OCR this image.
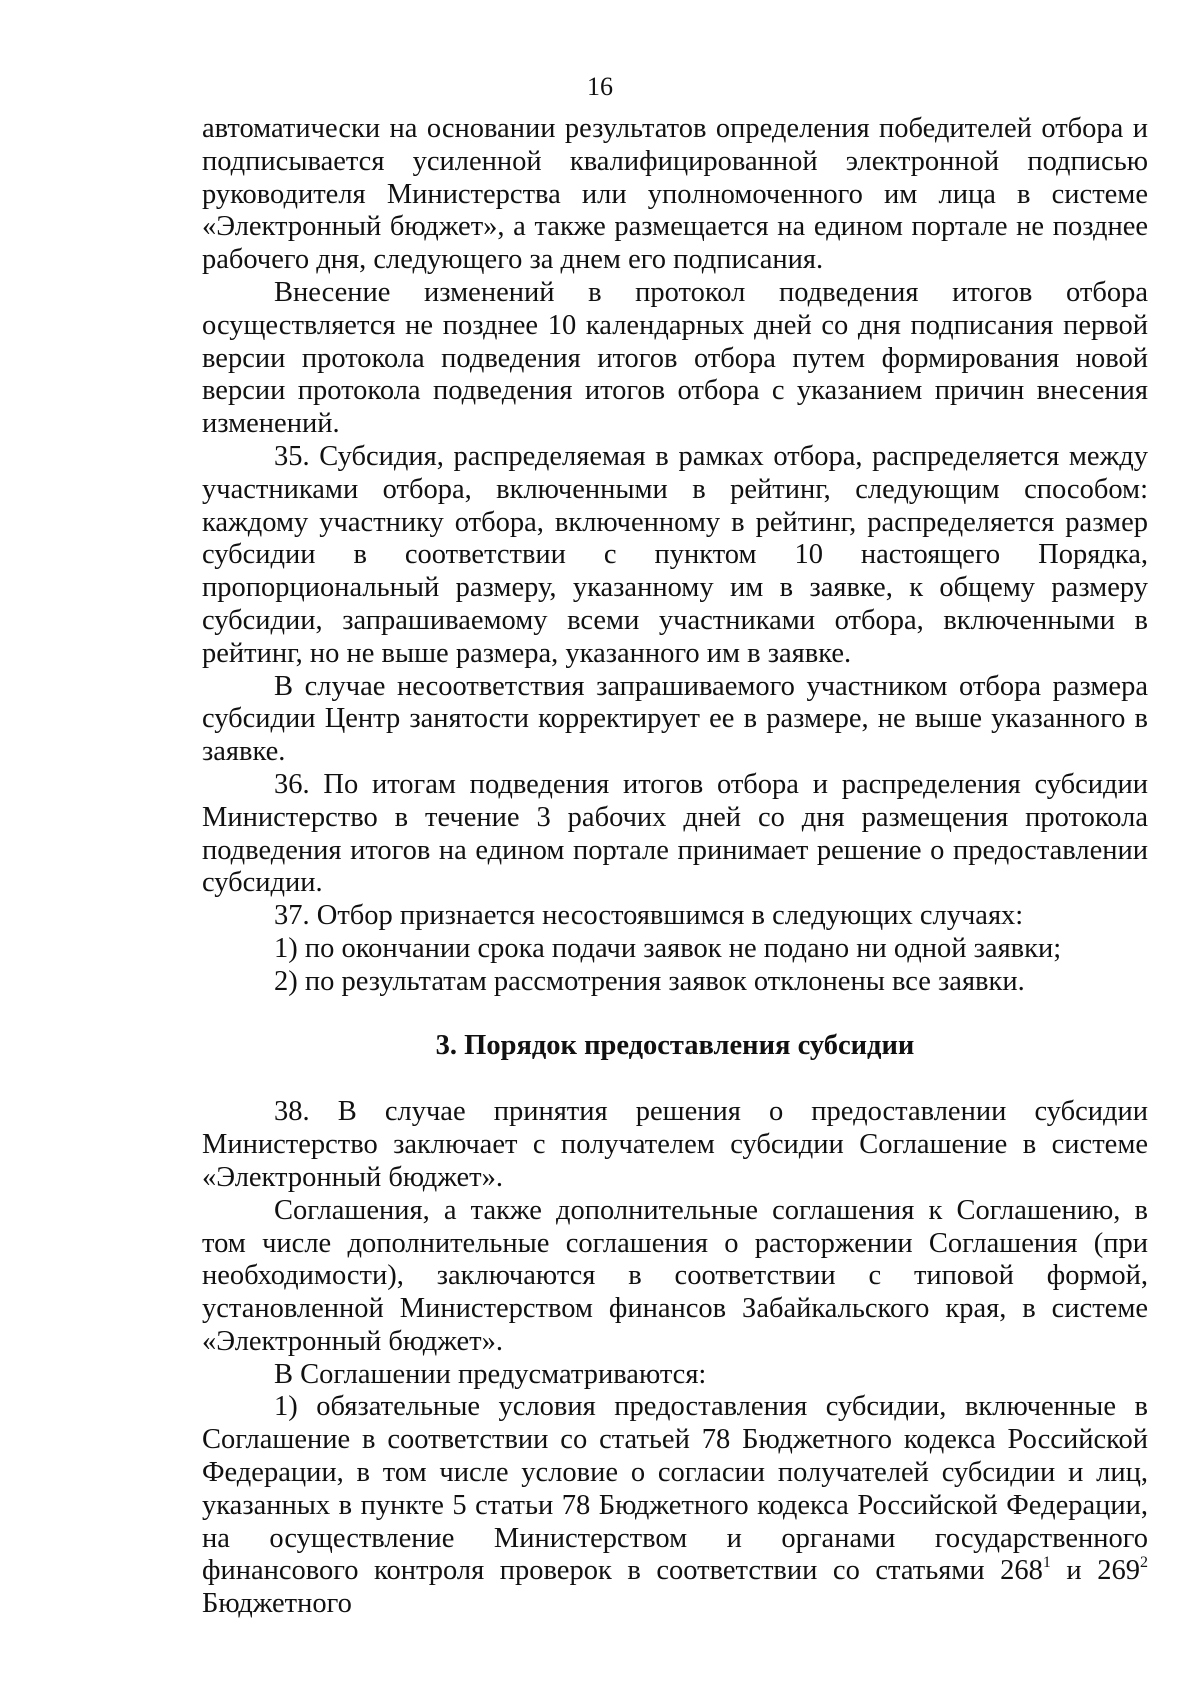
16

автоматически на основании результатов определения победителей отбора и подписывается усиленной квалифицированной электронной подписью руководителя Министерства или уполномоченного им лица в системе «Электронный бюджет», а также размещается на едином портале не позднее рабочего дня, следующего за днем его подписания.

Внесение изменений в протокол подведения итогов отбора осуществляется не позднее 10 календарных дней со дня подписания первой версии протокола подведения итогов отбора путем формирования новой версии протокола подведения итогов отбора с указанием причин внесения изменений.

35. Субсидия, распределяемая в рамках отбора, распределяется между участниками отбора, включенными в рейтинг, следующим способом: каждому участнику отбора, включенному в рейтинг, распределяется размер субсидии в соответствии с пунктом 10 настоящего Порядка, пропорциональный размеру, указанному им в заявке, к общему размеру субсидии, запрашиваемому всеми участниками отбора, включенными в рейтинг, но не выше размера, указанного им в заявке.

В случае несоответствия запрашиваемого участником отбора размера субсидии Центр занятости корректирует ее в размере, не выше указанного в заявке.

36. По итогам подведения итогов отбора и распределения субсидии Министерство в течение 3 рабочих дней со дня размещения протокола подведения итогов на едином портале принимает решение о предоставлении субсидии.

37. Отбор признается несостоявшимся в следующих случаях:

1) по окончании срока подачи заявок не подано ни одной заявки;

2) по результатам рассмотрения заявок отклонены все заявки.

3. Порядок предоставления субсидии

38. В случае принятия решения о предоставлении субсидии Министерство заключает с получателем субсидии Соглашение в системе «Электронный бюджет».

Соглашения, а также дополнительные соглашения к Соглашению, в том числе дополнительные соглашения о расторжении Соглашения (при необходимости), заключаются в соответствии с типовой формой, установленной Министерством финансов Забайкальского края, в системе «Электронный бюджет».

В Соглашении предусматриваются:

1) обязательные условия предоставления субсидии, включенные в Соглашение в соответствии со статьей 78 Бюджетного кодекса Российской Федерации, в том числе условие о согласии получателей субсидии и лиц, указанных в пункте 5 статьи 78 Бюджетного кодекса Российской Федерации, на осуществление Министерством и органами государственного финансового контроля проверок в соответствии со статьями $268^1$ и $269^2$ Бюджетного
